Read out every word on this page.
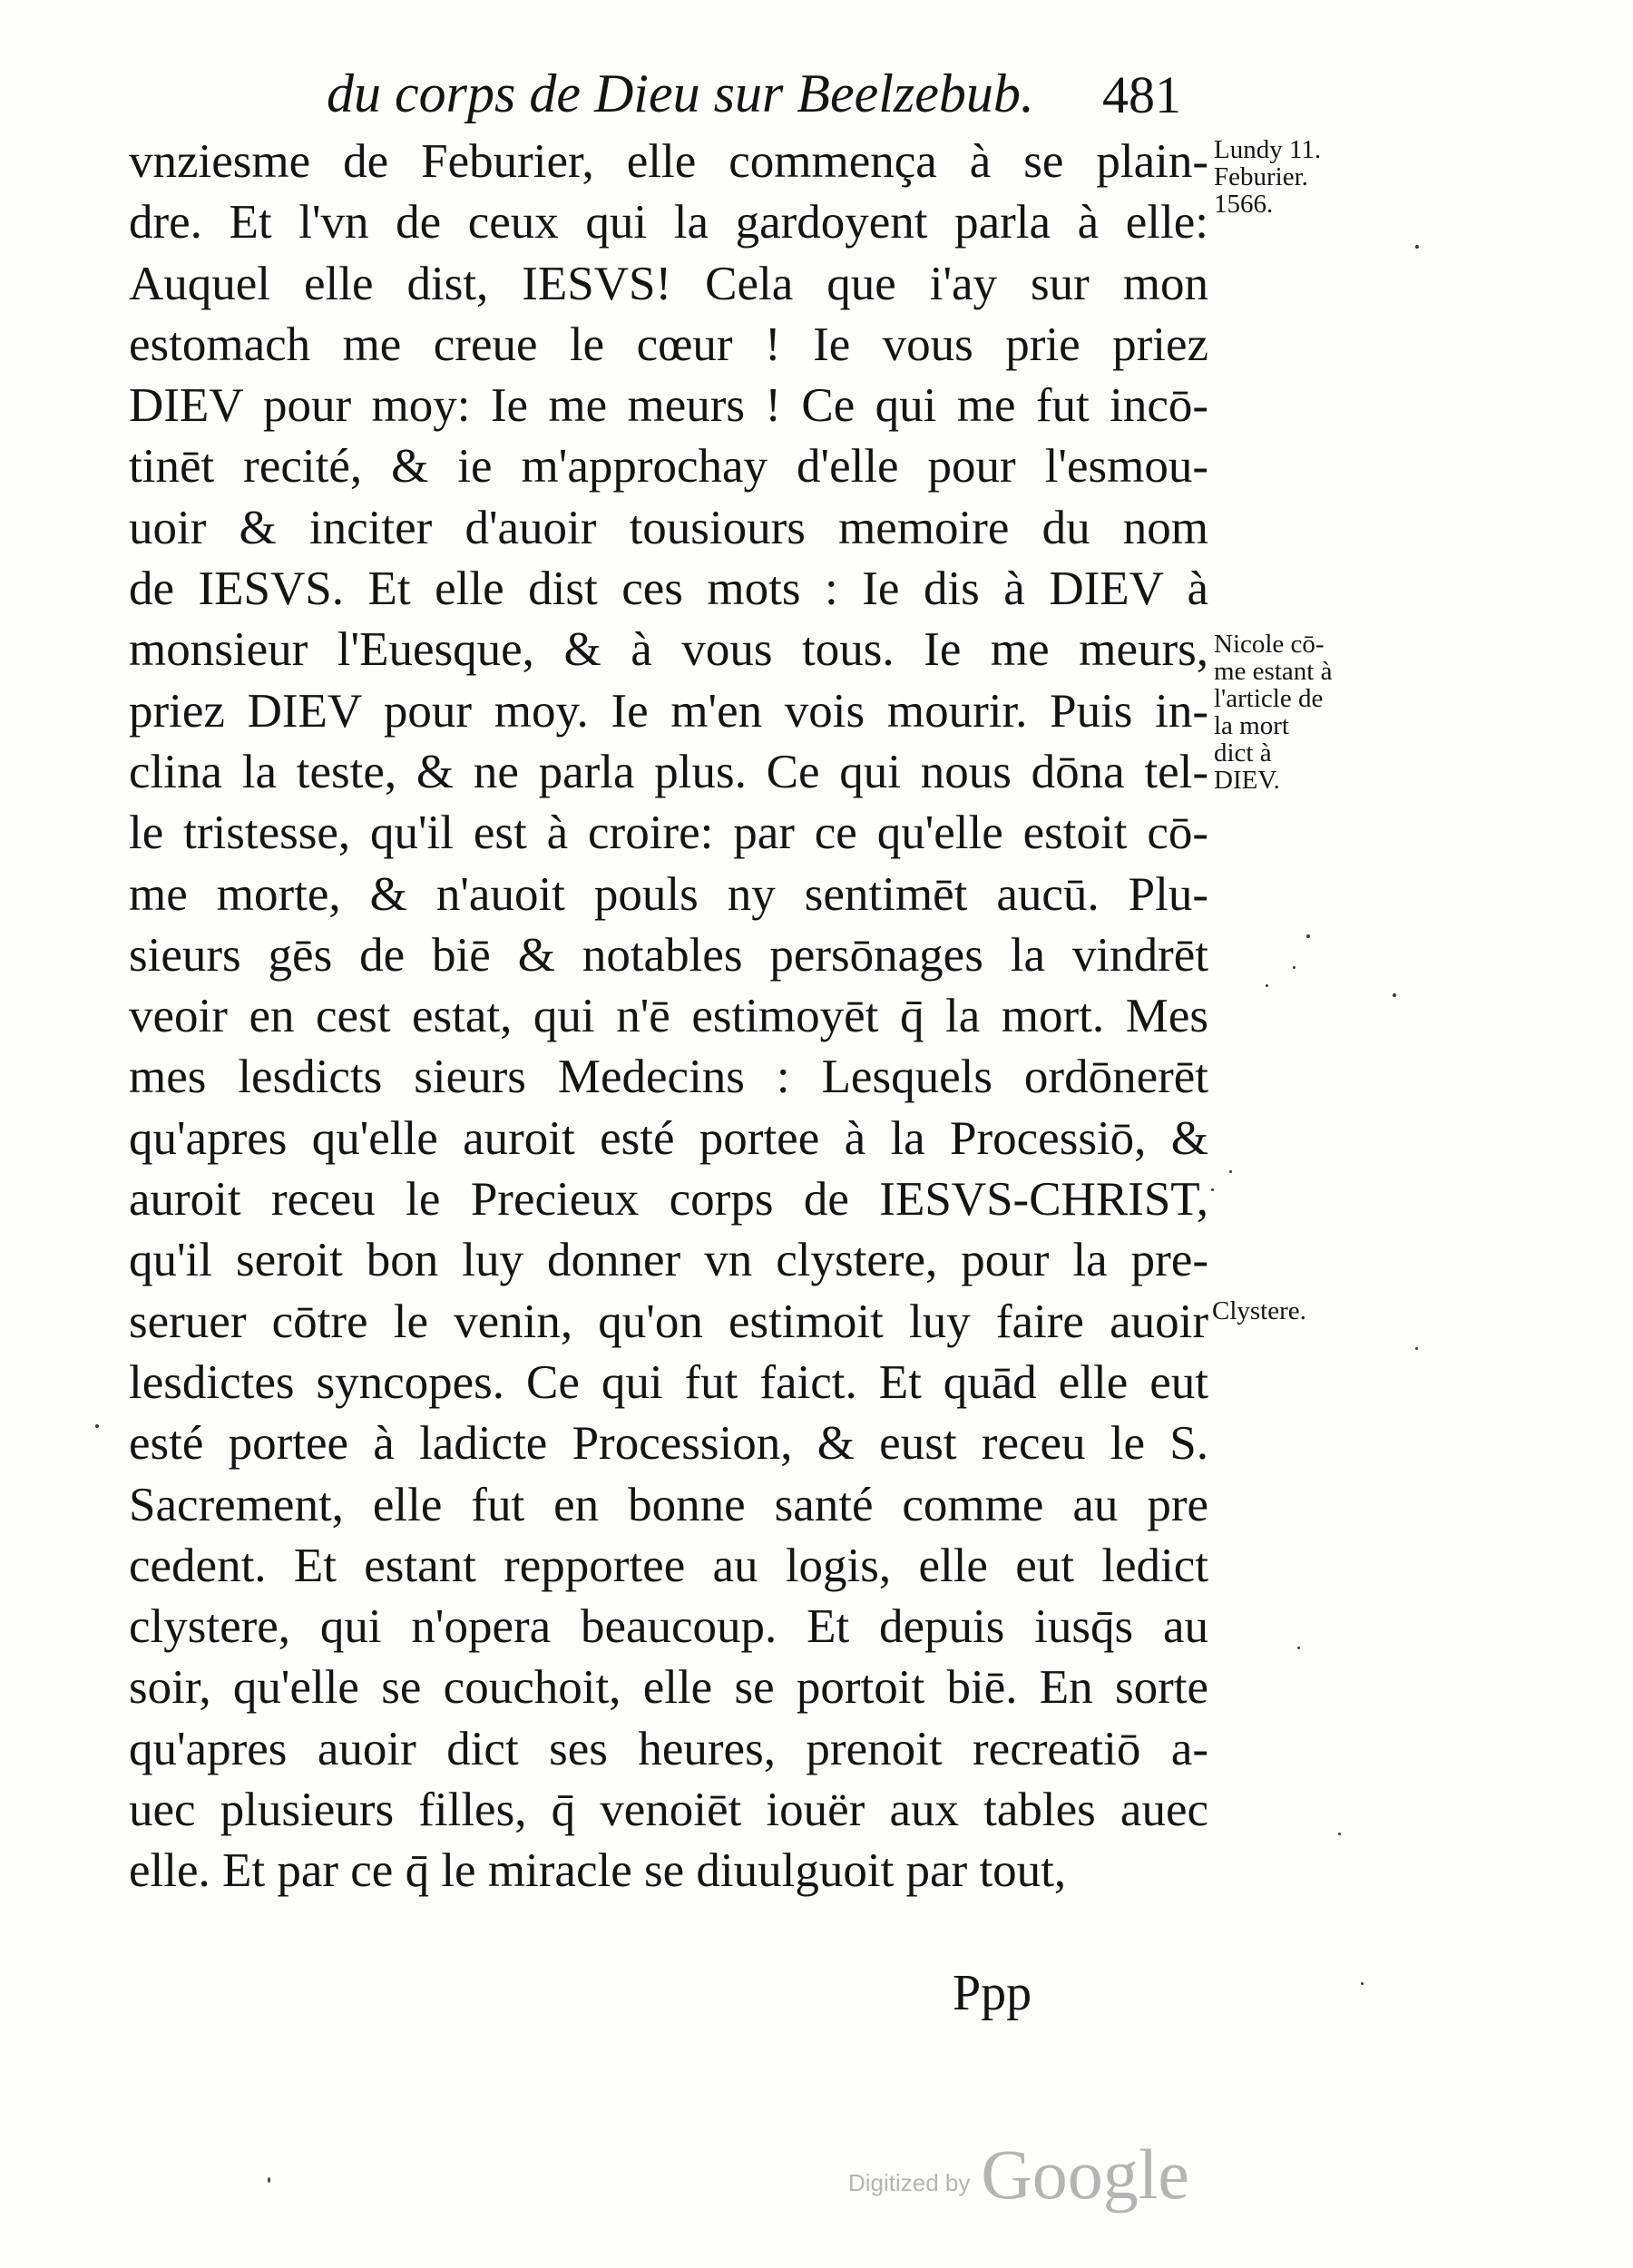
du corps de Dieu sur Beelzebub. 481
vnziesme de Feburier, elle commença à se plain-
dre. Et l'vn de ceux qui la gardoyent parla à elle:
Auquel elle dist, IESVS! Cela que i'ay sur mon
estomach me creue le cœur ! Ie vous prie priez
DIEV pour moy: Ie me meurs ! Ce qui me fut incō-
tinēt recité, & ie m'approchay d'elle pour l'esmou-
uoir & inciter d'auoir tousiours memoire du nom
de IESVS. Et elle dist ces mots : Ie dis à DIEV à
monsieur l'Euesque, & à vous tous. Ie me meurs,
priez DIEV pour moy. Ie m'en vois mourir. Puis in-
clina la teste, & ne parla plus. Ce qui nous dōna tel-
le tristesse, qu'il est à croire: par ce qu'elle estoit cō-
me morte, & n'auoit pouls ny sentimēt aucū. Plu-
sieurs gēs de biē & notables persōnages la vindrēt
veoir en cest estat, qui n'ē estimoyēt q̄ la mort. Mes
mes lesdicts sieurs Medecins : Lesquels ordōnerēt
qu'apres qu'elle auroit esté portee à la Processiō, &
auroit receu le Precieux corps de IESVS-CHRIST,
qu'il seroit bon luy donner vn clystere, pour la pre-
seruer cōtre le venin, qu'on estimoit luy faire auoir
lesdictes syncopes. Ce qui fut faict. Et quād elle eut
esté portee à ladicte Procession, & eust receu le S.
Sacrement, elle fut en bonne santé comme au pre
cedent. Et estant repportee au logis, elle eut ledict
clystere, qui n'opera beaucoup. Et depuis iusq̄s au
soir, qu'elle se couchoit, elle se portoit biē. En sorte
qu'apres auoir dict ses heures, prenoit recreatiō a-
uec plusieurs filles, q̄ venoiēt iouër aux tables auec
elle. Et par ce q̄ le miracle se diuulguoit par tout,
Lundy 11.
Feburier.
1566.
Nicole cō-
me estant à
l'article de
la mort
dict à
DIEV.
Clystere.
Ppp
Digitized by Google
